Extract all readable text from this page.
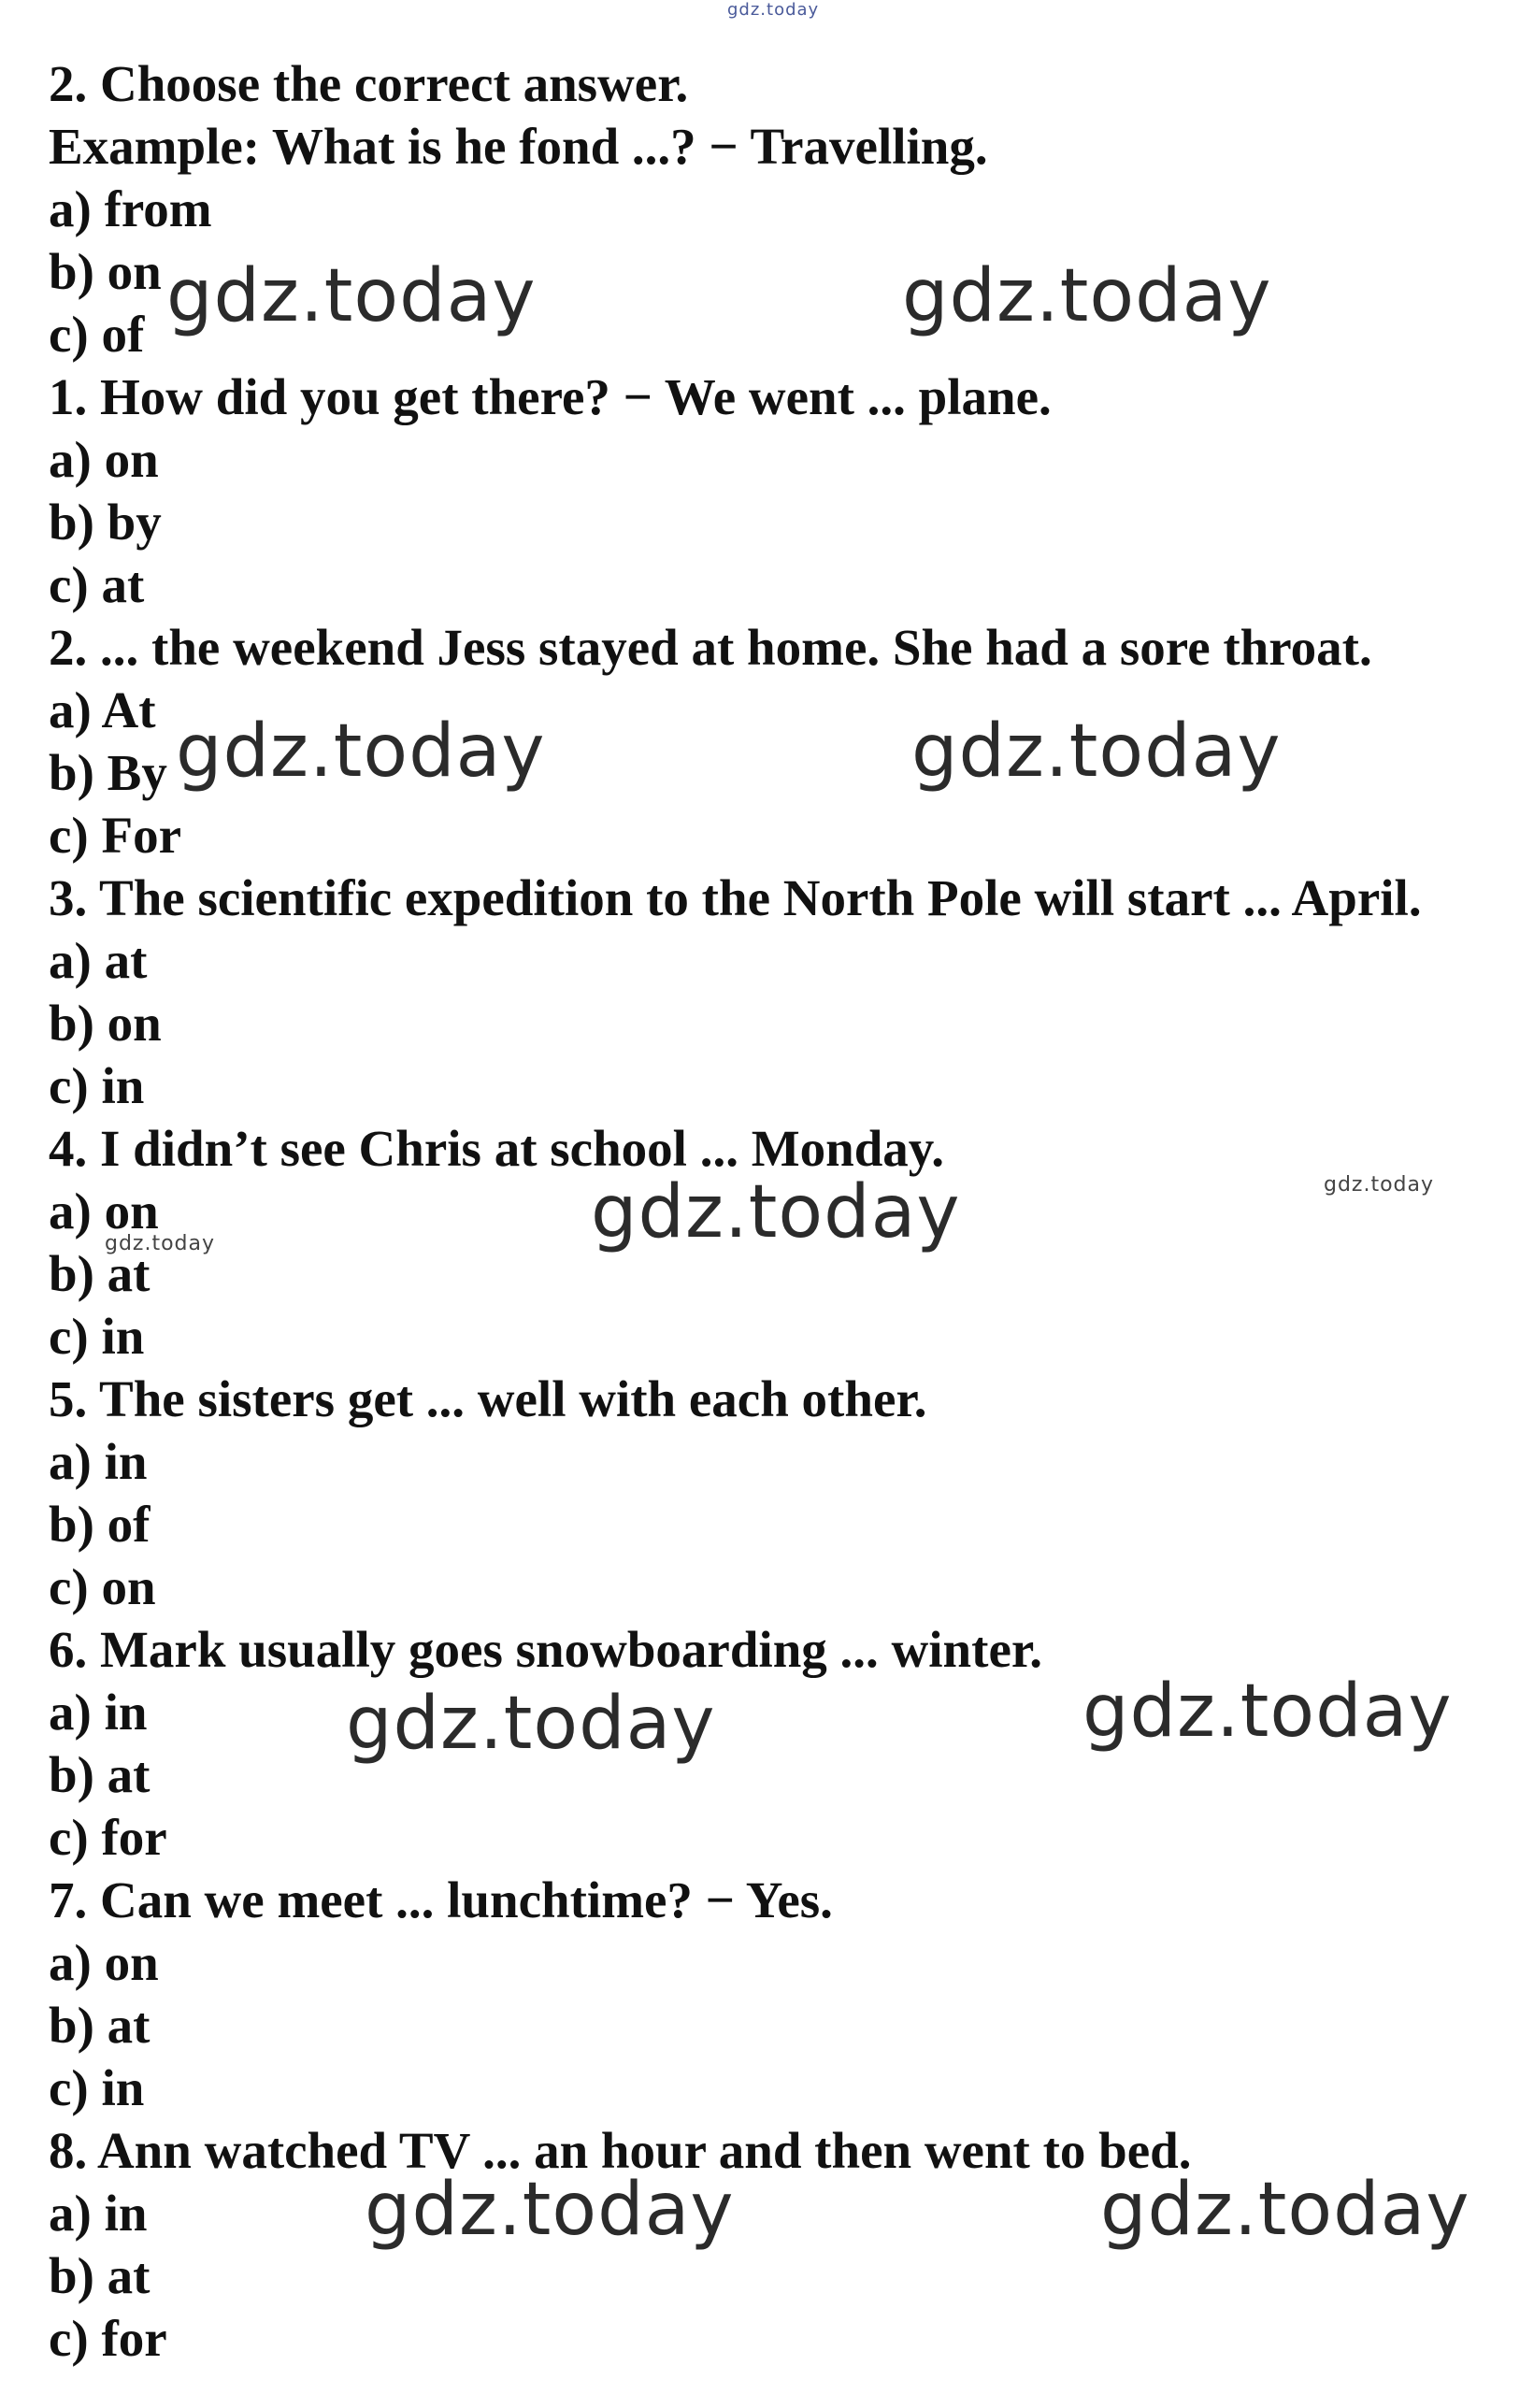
2. Choose the correct answer.

Example: What is he fond ...? − Travelling.

a) from

b) on

c) of

1. How did you get there? − We went ... plane.

a) on

b) by

c) at

2. ... the weekend Jess stayed at home. She had a sore throat.

a) At

b) By

c) For

3. The scientific expedition to the North Pole will start ... April.

a) at

b) on

c) in

4. I didn’t see Chris at school ... Monday.

a) on

b) at

c) in

5. The sisters get ... well with each other.

a) in

b) of

c) on

6. Mark usually goes snowboarding ... winter.

a) in

b) at

c) for

7. Can we meet ... lunchtime? − Yes.

a) on

b) at

c) in

8. Ann watched TV ... an hour and then went to bed.

a) in

b) at

c) for

gdz.today
gdz.today	gdz.today
gdz.today	gdz.today
gdz.today
gdz.today
gdz.today
gdz.today
gdz.today
gdz.today	gdz.today
